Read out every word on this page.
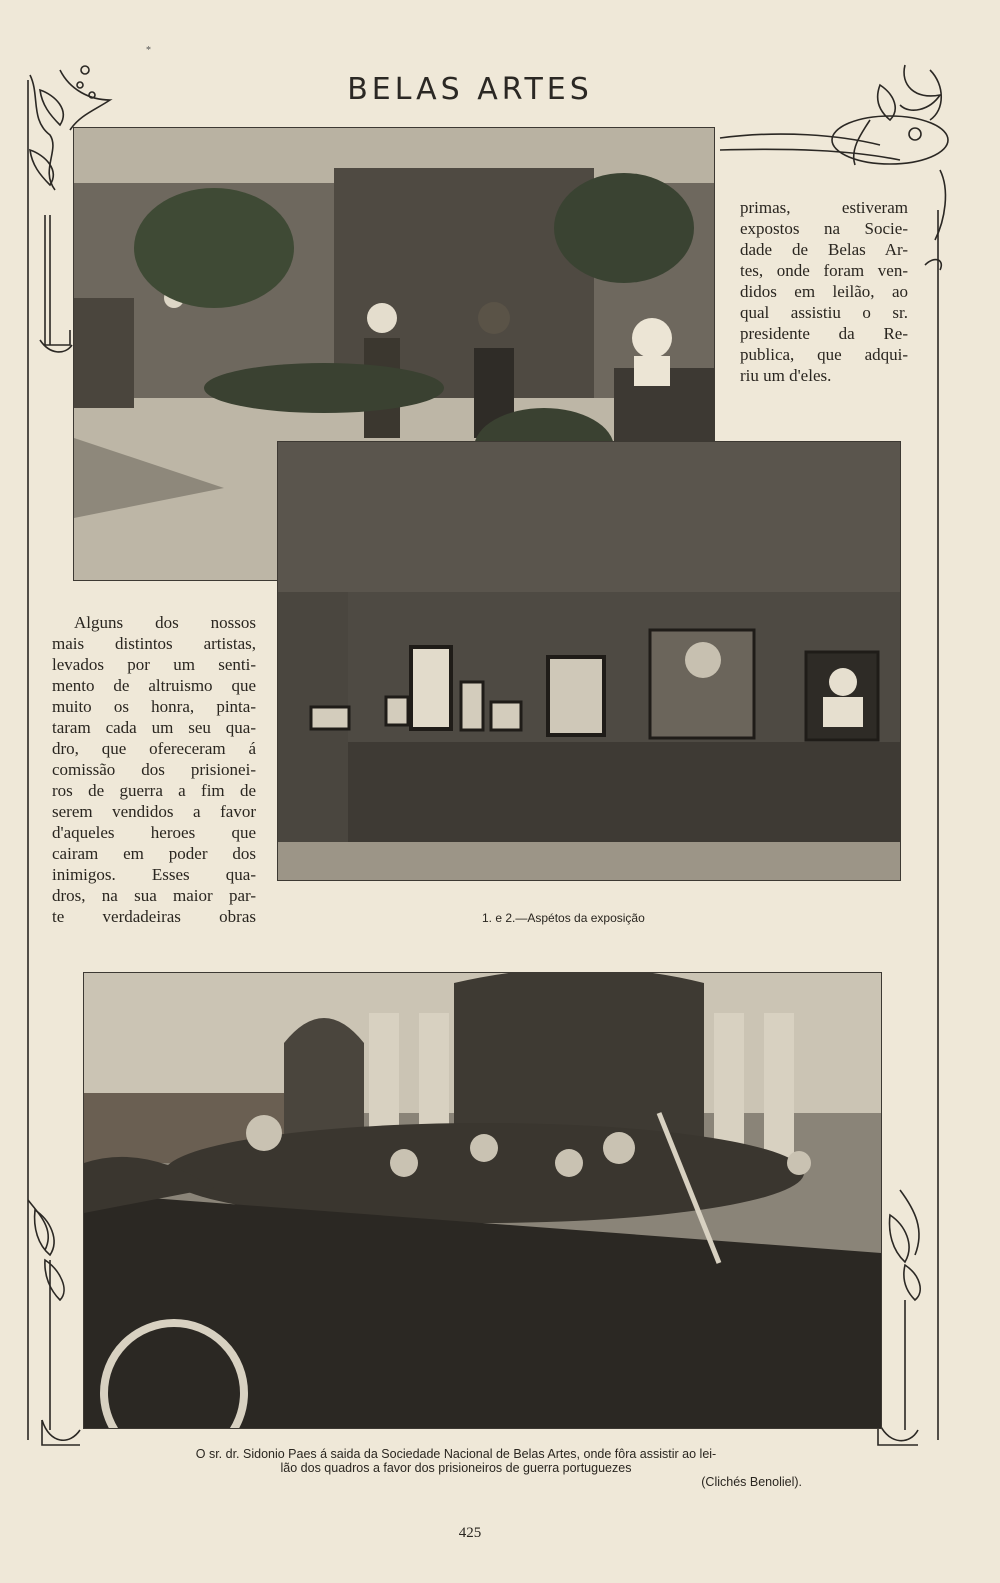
*
BELAS ARTES
primas, estiveram
expostos na Socie-
dade de Belas Ar-
tes, onde foram ven-
didos em leilão, ao
qual assistiu o sr.
presidente da Re-
publica, que adqui-
riu um d'eles.
Alguns dos nossos
mais distintos artistas,
levados por um senti-
mento de altruismo que
muito os honra, pinta-
taram cada um seu qua-
dro, que ofereceram á
comissão dos prisionei-
ros de guerra a fim de
serem vendidos a favor
d'aqueles heroes que
cairam em poder dos
inimigos. Esses qua-
dros, na sua maior par-
te verdadeiras obras	1. e 2.—Aspétos da exposição
O sr. dr. Sidonio Paes á saida da Sociedade Nacional de Belas Artes, onde fôra assistir ao lei-
lão dos quadros a favor dos prisioneiros de guerra portuguezes
(Clichés Benoliel).
425
